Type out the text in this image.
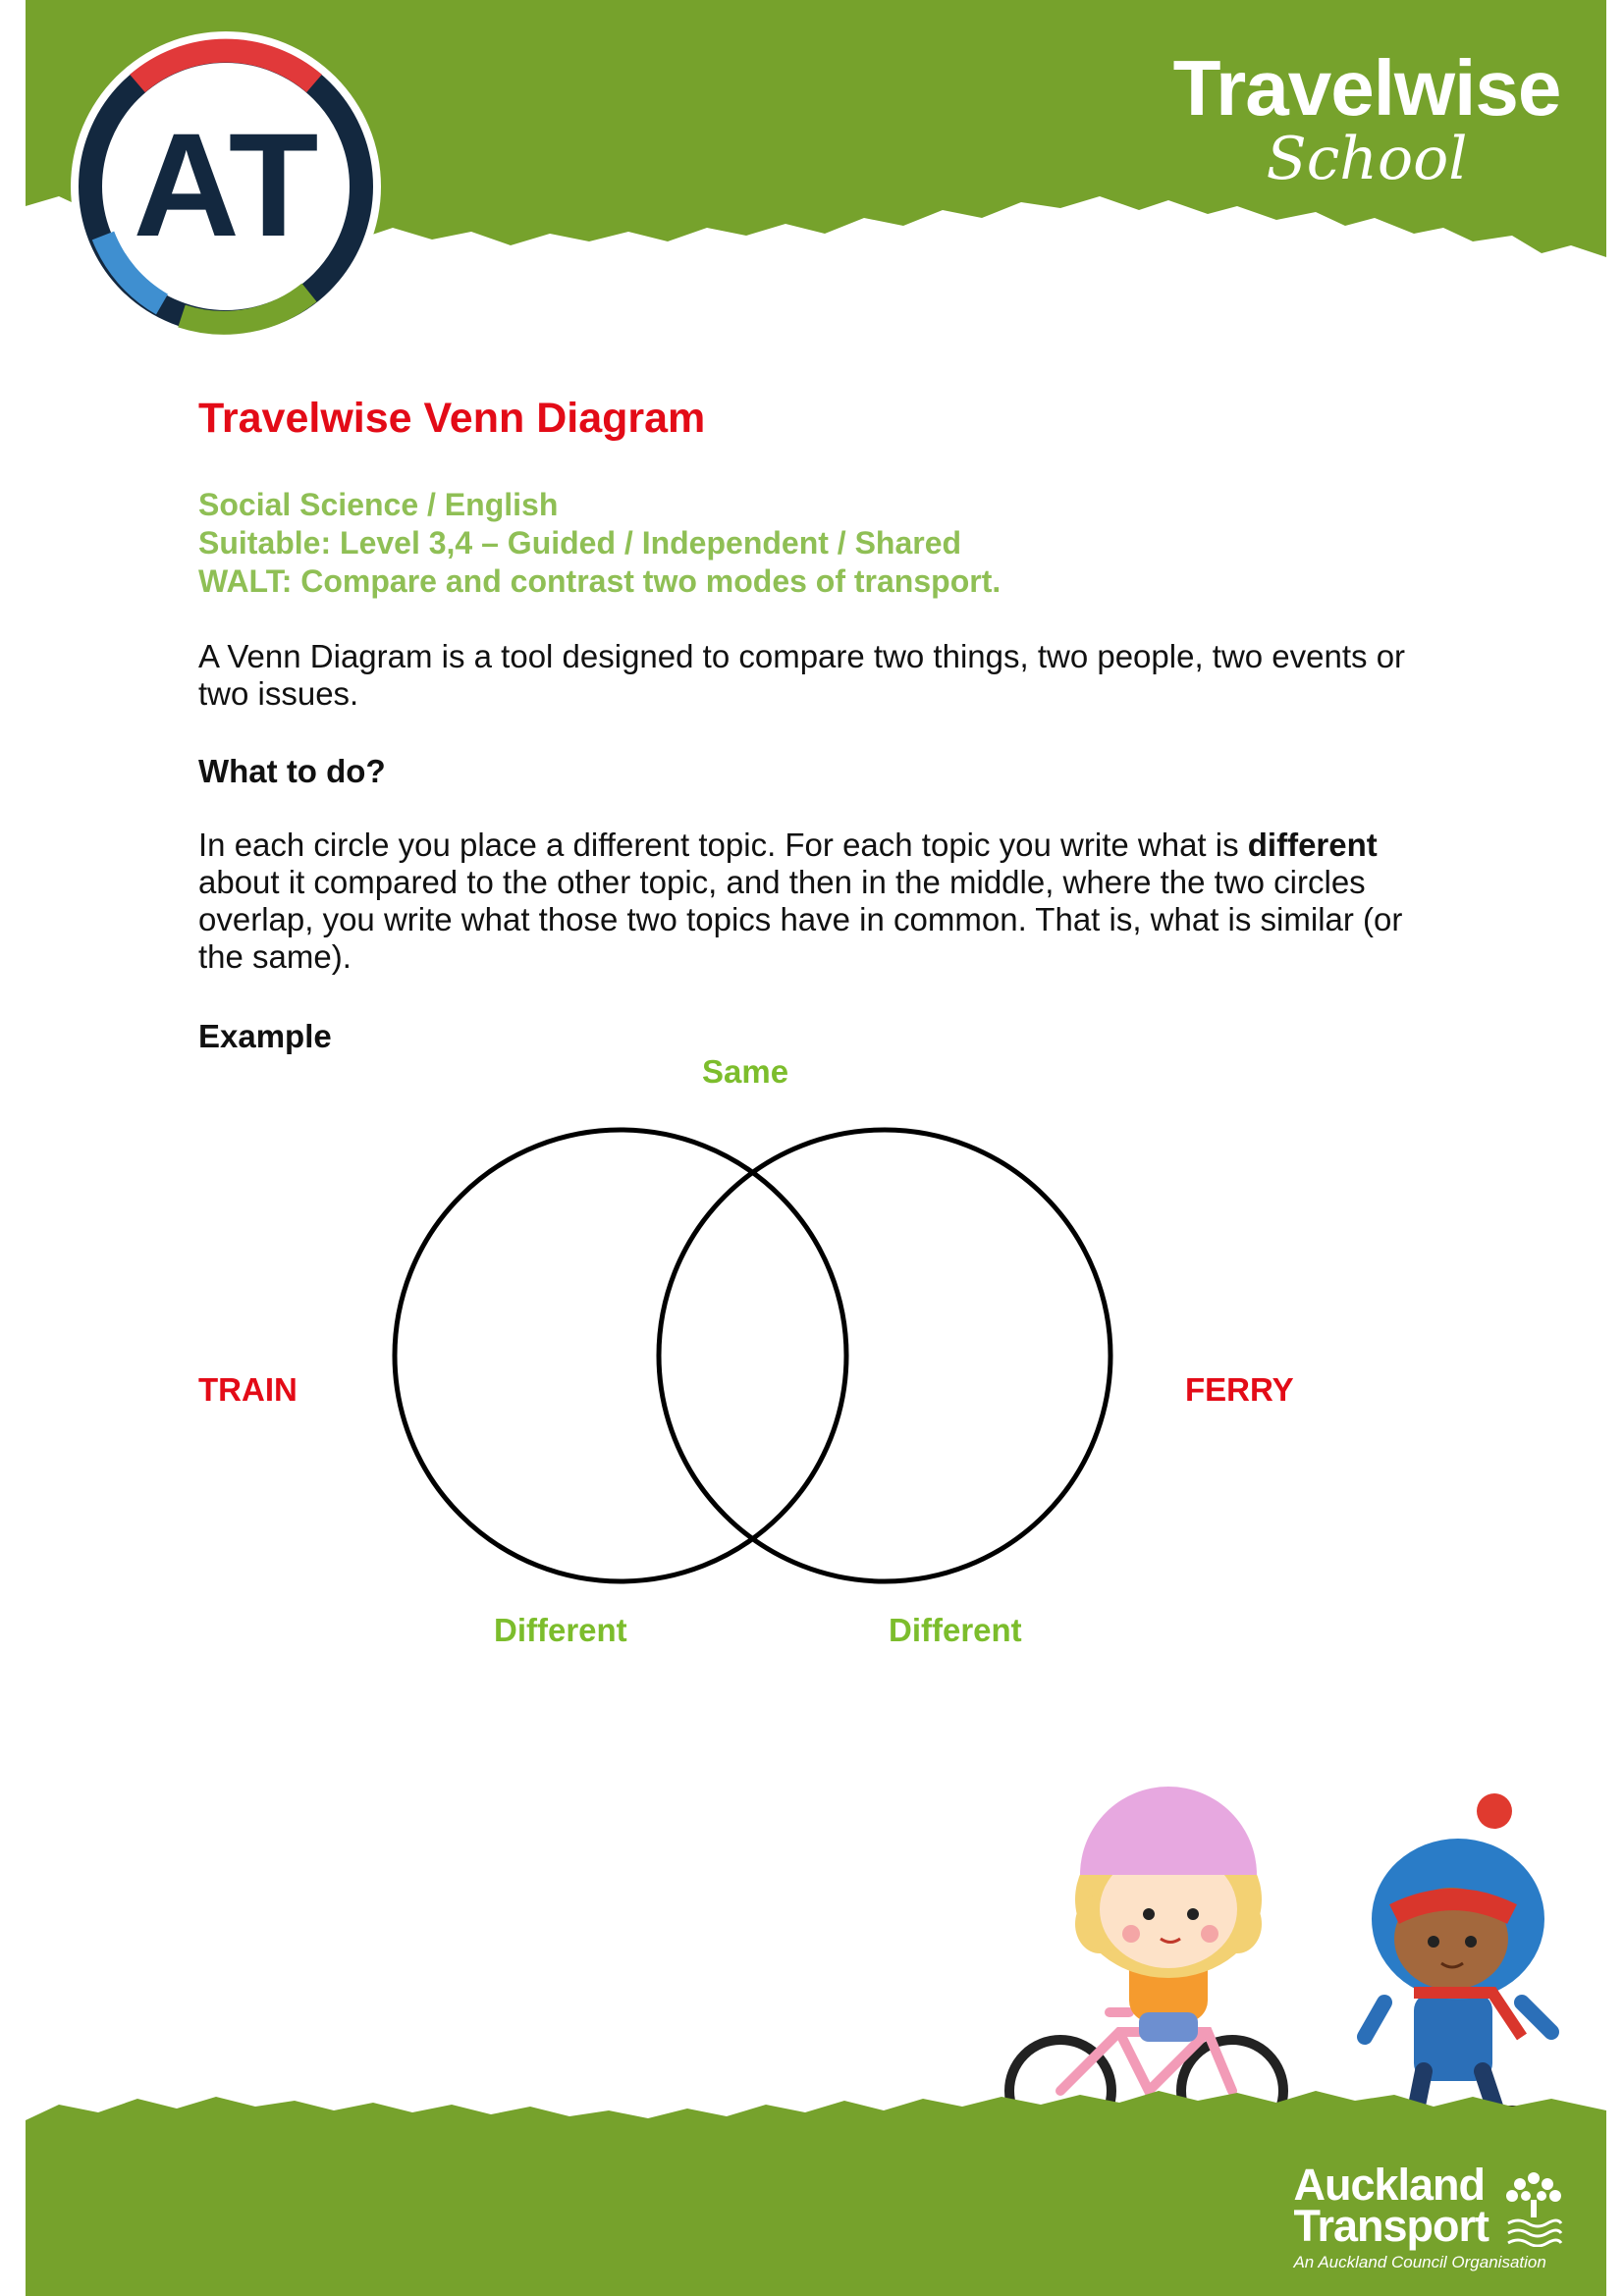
AT
Travelwise
School
Travelwise Venn Diagram
Social Science / English
Suitable: Level 3,4 – Guided / Independent / Shared
WALT: Compare and contrast two modes of transport.
A Venn Diagram is a tool designed to compare two things, two people, two events or
two issues.
What to do?
In each circle you place a different topic. For each topic you write what is different
about it compared to the other topic, and then in the middle, where the two circles
overlap, you write what those two topics have in common. That is, what is similar (or
the same).
Example
Same
TRAIN	FERRY
Different	Different
Auckland
Transport
An Auckland Council Organisation
